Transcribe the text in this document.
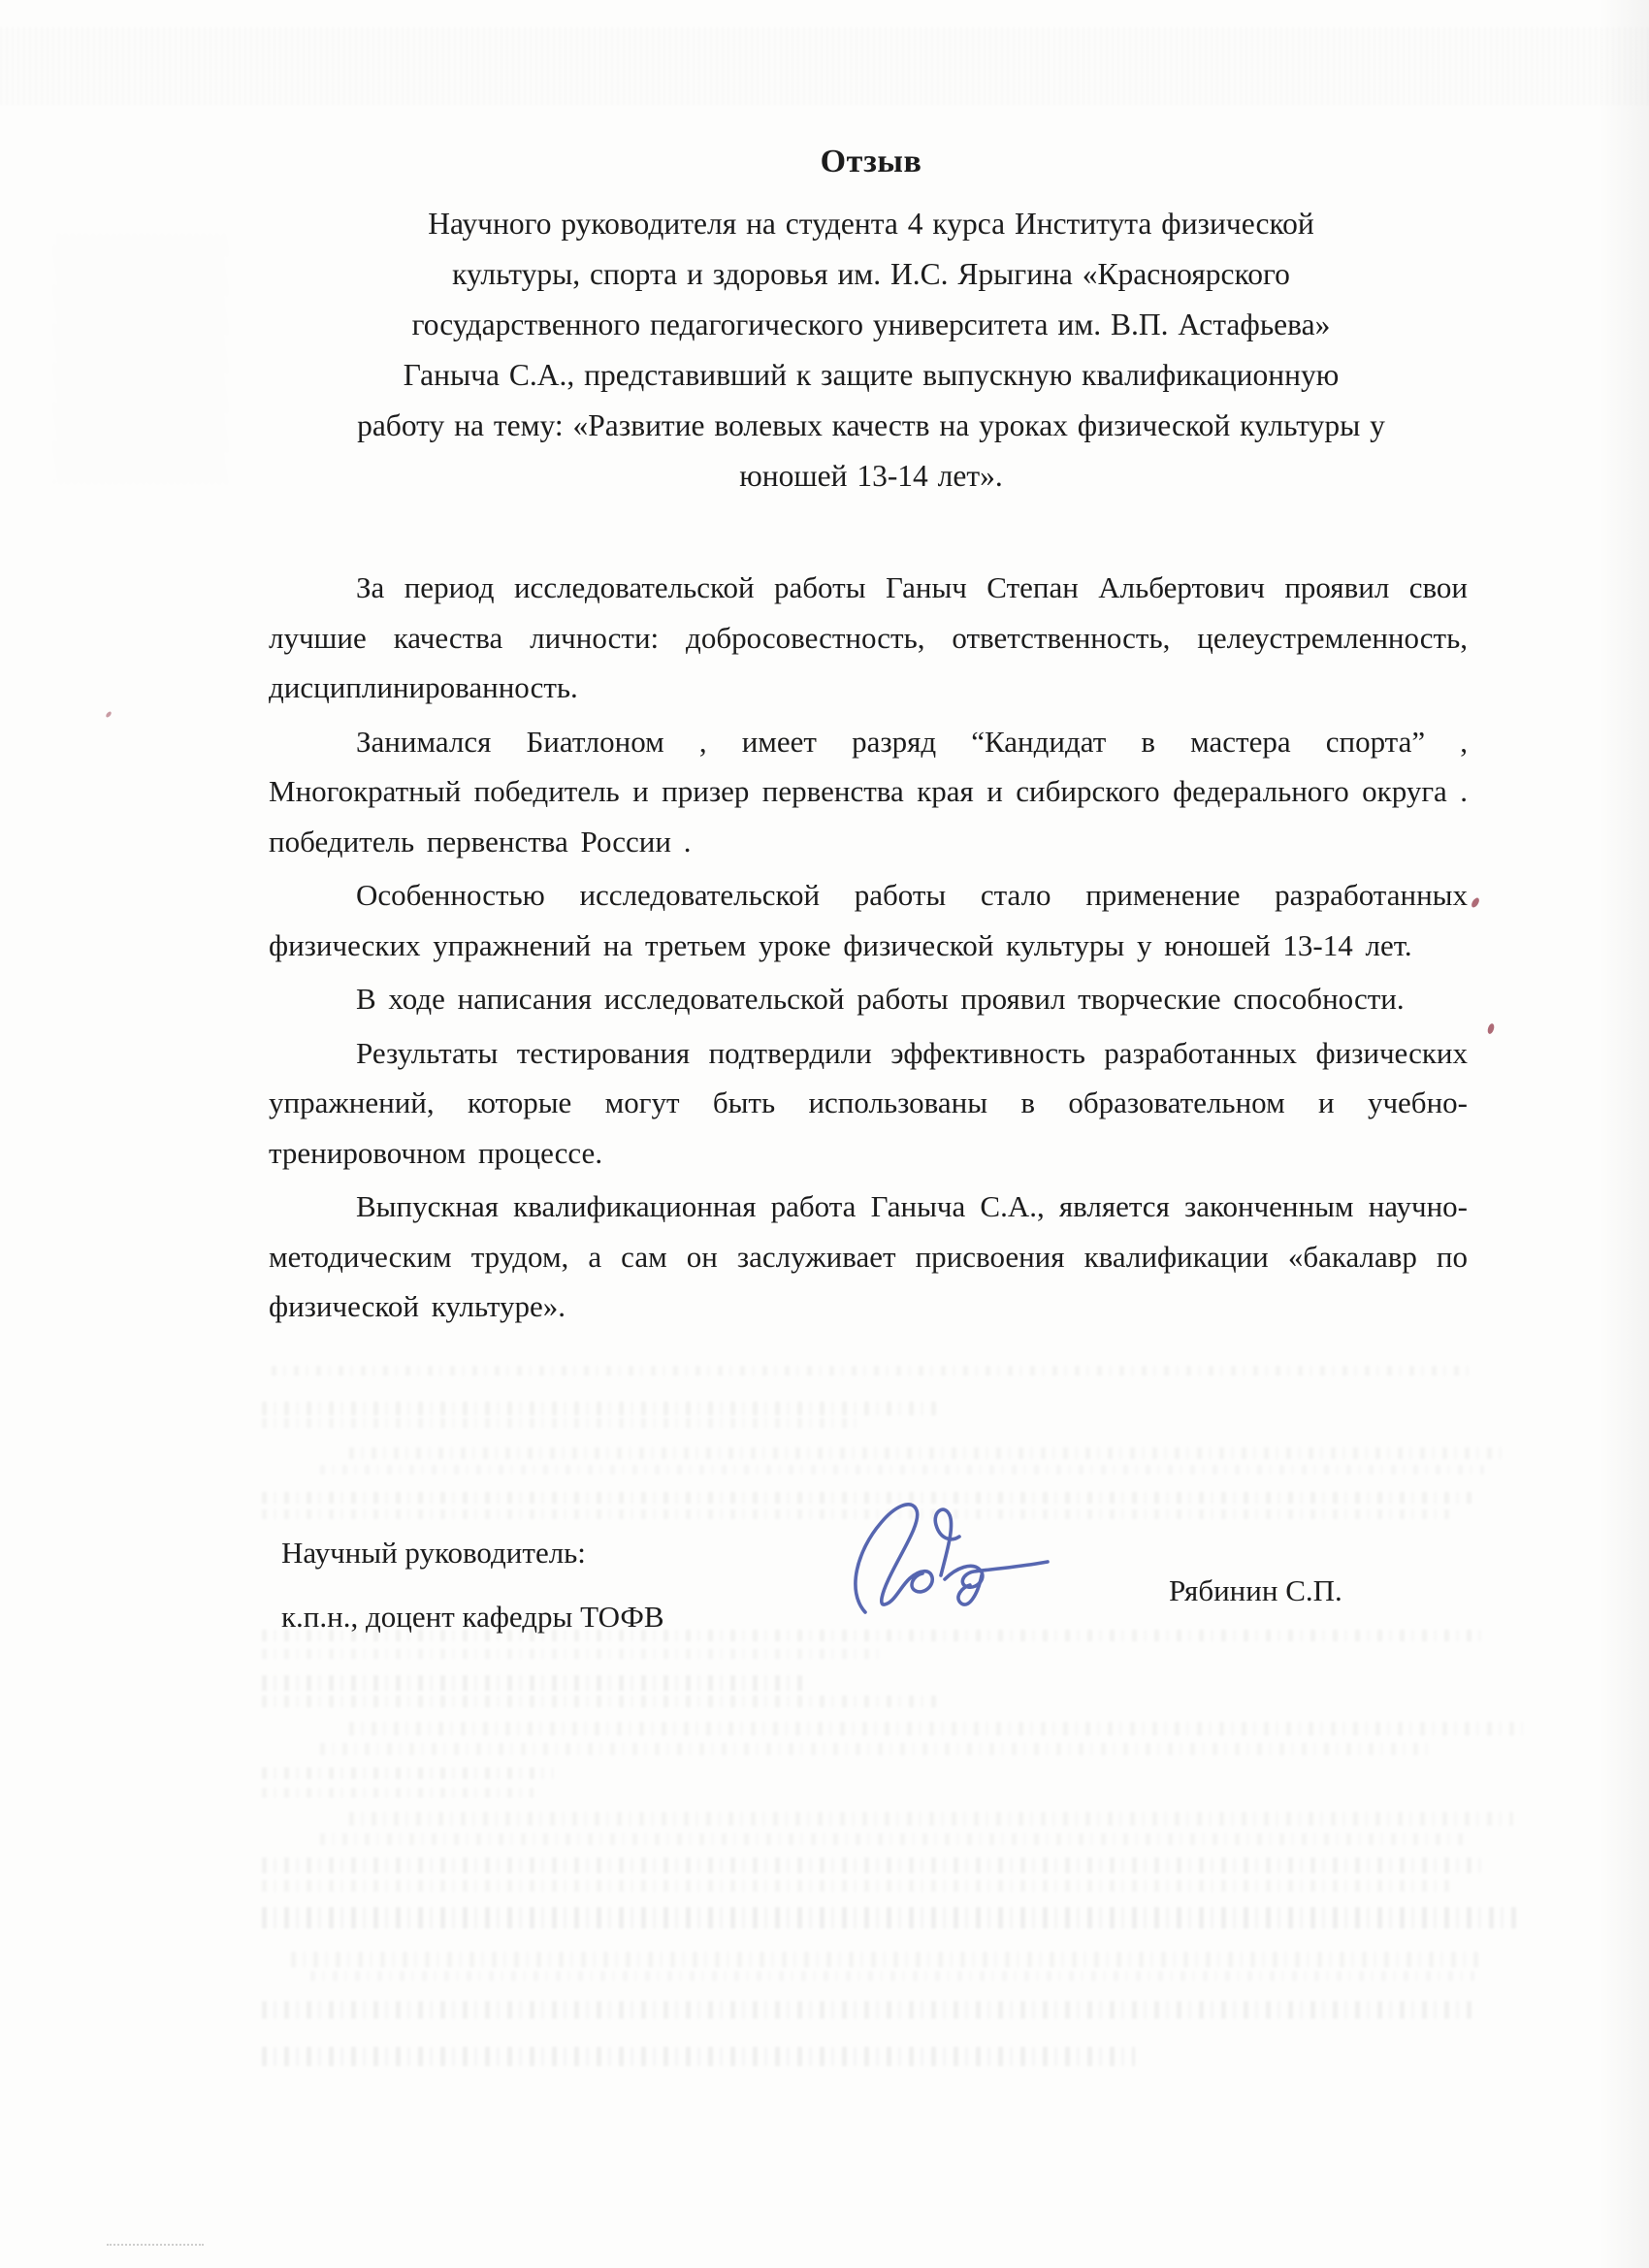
Отзыв
Научного руководителя на студента 4 курса Института физической
культуры, спорта и здоровья им. И.С. Ярыгина «Красноярского
государственного педагогического университета им. В.П. Астафьева»
Ганыча С.А., представивший к защите выпускную квалификационную
работу на тему: «Развитие волевых качеств на уроках физической культуры у
юношей 13-14 лет».

За период исследовательской работы Ганыч Степан Альбертович проявил свои лучшие качества личности: добросовестность, ответственность, целеустремленность, дисциплинированность.

Занимался Биатлоном , имеет разряд “Кандидат в мастера спорта” , Многократный победитель и призер первенства края и сибирского федерального округа . победитель первенства России .

Особенностью исследовательской работы стало применение разработанных физических упражнений на третьем уроке физической культуры у юношей 13-14 лет.

В ходе написания исследовательской работы проявил творческие способности.

Результаты тестирования подтвердили эффективность разработанных физических упражнений, которые могут быть использованы в образовательном и учебно-тренировочном процессе.

Выпускная квалификационная работа Ганыча С.А., является законченным научно-методическим трудом, а сам он заслуживает присвоения квалификации «бакалавр по физической культуре».

Научный руководитель:
к.п.н., доцент кафедры ТОФВ
Рябинин С.П.
